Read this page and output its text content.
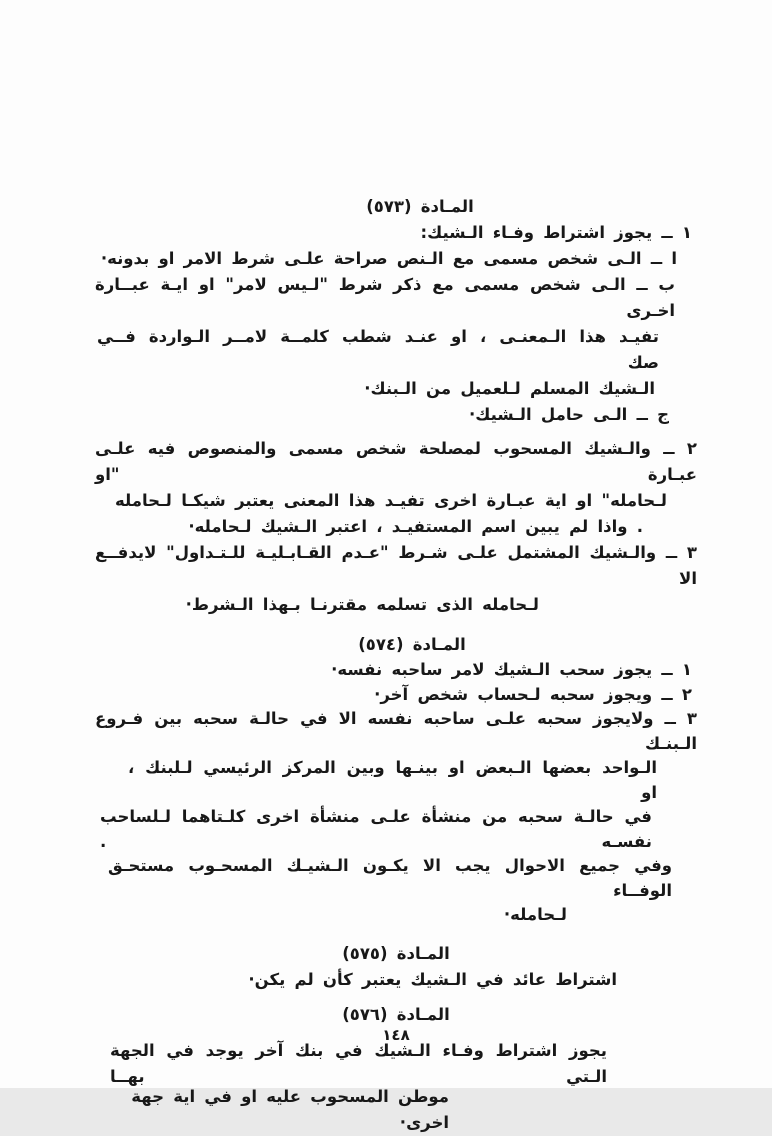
المـادة (٥٧٣)
١ ــ يجوز اشتراط وفـاء الـشيك:
ا ــ الـى شخص مسمى مع الـنص صراحة علـى شرط الامر او بدونه·
ب ــ الـى شخص مسمى مع ذكر شرط "لـيس لامر" او ايـة عبــارة اخـرى
تفيـد هذا الـمعنـى ، او عنـد شطب كلمــة لامــر الـواردة فــي صك
الـشيك المسلم لـلعميل من الـبنك·
ج ــ الـى حامل الـشيك·
٢ ــ والـشيك المسحوب لمصلحة شخص مسمى والمنصوص فيه علـى عبـارة "او
لـحامله" او اية عبـارة اخرى تفيـد هذا المعنى يعتبر شيكـا لـحامله
. واذا لم يبين اسم المستفيـد ، اعتبر الـشيك لـحامله·
٣ ــ والـشيك المشتمل علـى شـرط "عـدم القـابـليـة للـتـداول" لايدفــع الا
لـحامله الذى تسلمه مقترنـا بـهذا الـشرط·
المـادة (٥٧٤)
١ ــ يجوز سحب الـشيك لامر ساحبه نفسه·
٢ ــ ويجوز سحبه لـحساب شخص آخر·
٣ ــ ولايجوز سحبه علـى ساحبه نفسه الا في حالـة سحبه بين فـروع الـبنـك
الـواحد بعضها الـبعض او بينـها وبين المركز الرئيسي لـلبنك ، او
في حالـة سحبه من منشأة علـى منشأة اخرى كلـتاهما لـلساحب نفسـه .
وفي جميع الاحوال يجب الا يكـون الـشيـك المسحـوب مستحـق الوفــاء
لـحامله·
المـادة (٥٧٥)
اشتراط عائد في الـشيك يعتبر كأن لم يكن·
المـادة (٥٧٦)
يجوز اشتراط وفـاء الـشيك في بنك آخر يوجد في الجهة الـتي بهــا
موطن المسحوب عليه او في اية جهة اخرى·
١٤٨
